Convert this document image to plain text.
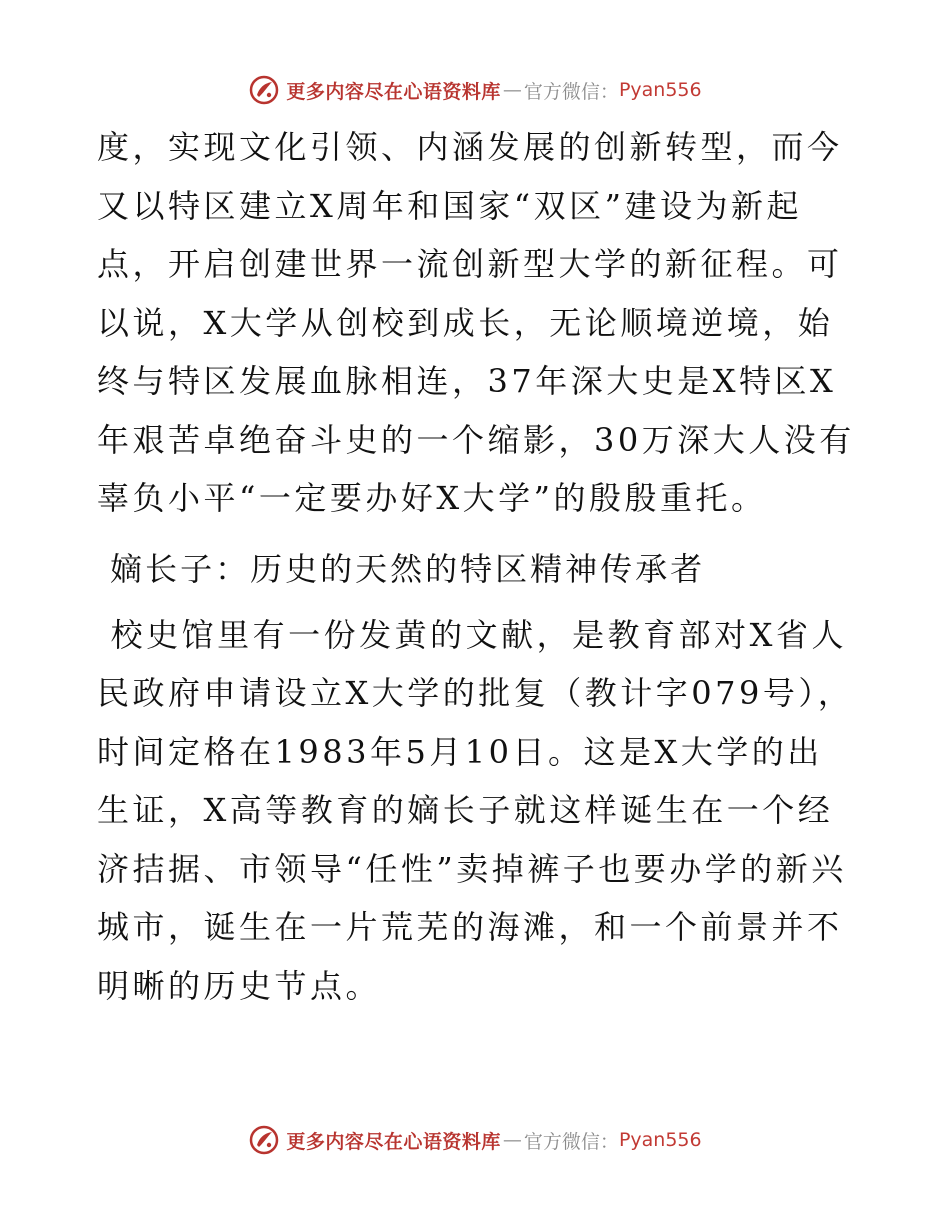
更多内容尽在心语资料库 — 官方微信： Pyan556

度，实现文化引领、内涵发展的创新转型，而今又以特区建立X周年和国家“双区”建设为新起点，开启创建世界一流创新型大学的新征程。可以说，X大学从创校到成长，无论顺境逆境，始终与特区发展血脉相连，37年深大史是X特区X年艰苦卓绝奋斗史的一个缩影，30万深大人没有辜负小平“一定要办好X大学”的殷殷重托。

嫡长子：历史的天然的特区精神传承者

校史馆里有一份发黄的文献，是教育部对X省人民政府申请设立X大学的批复（教计字079号），时间定格在1983年5月10日。这是X大学的出生证，X高等教育的嫡长子就这样诞生在一个经济拮据、市领导“任性”卖掉裤子也要办学的新兴城市，诞生在一片荒芜的海滩，和一个前景并不明晰的历史节点。

更多内容尽在心语资料库 — 官方微信： Pyan556
